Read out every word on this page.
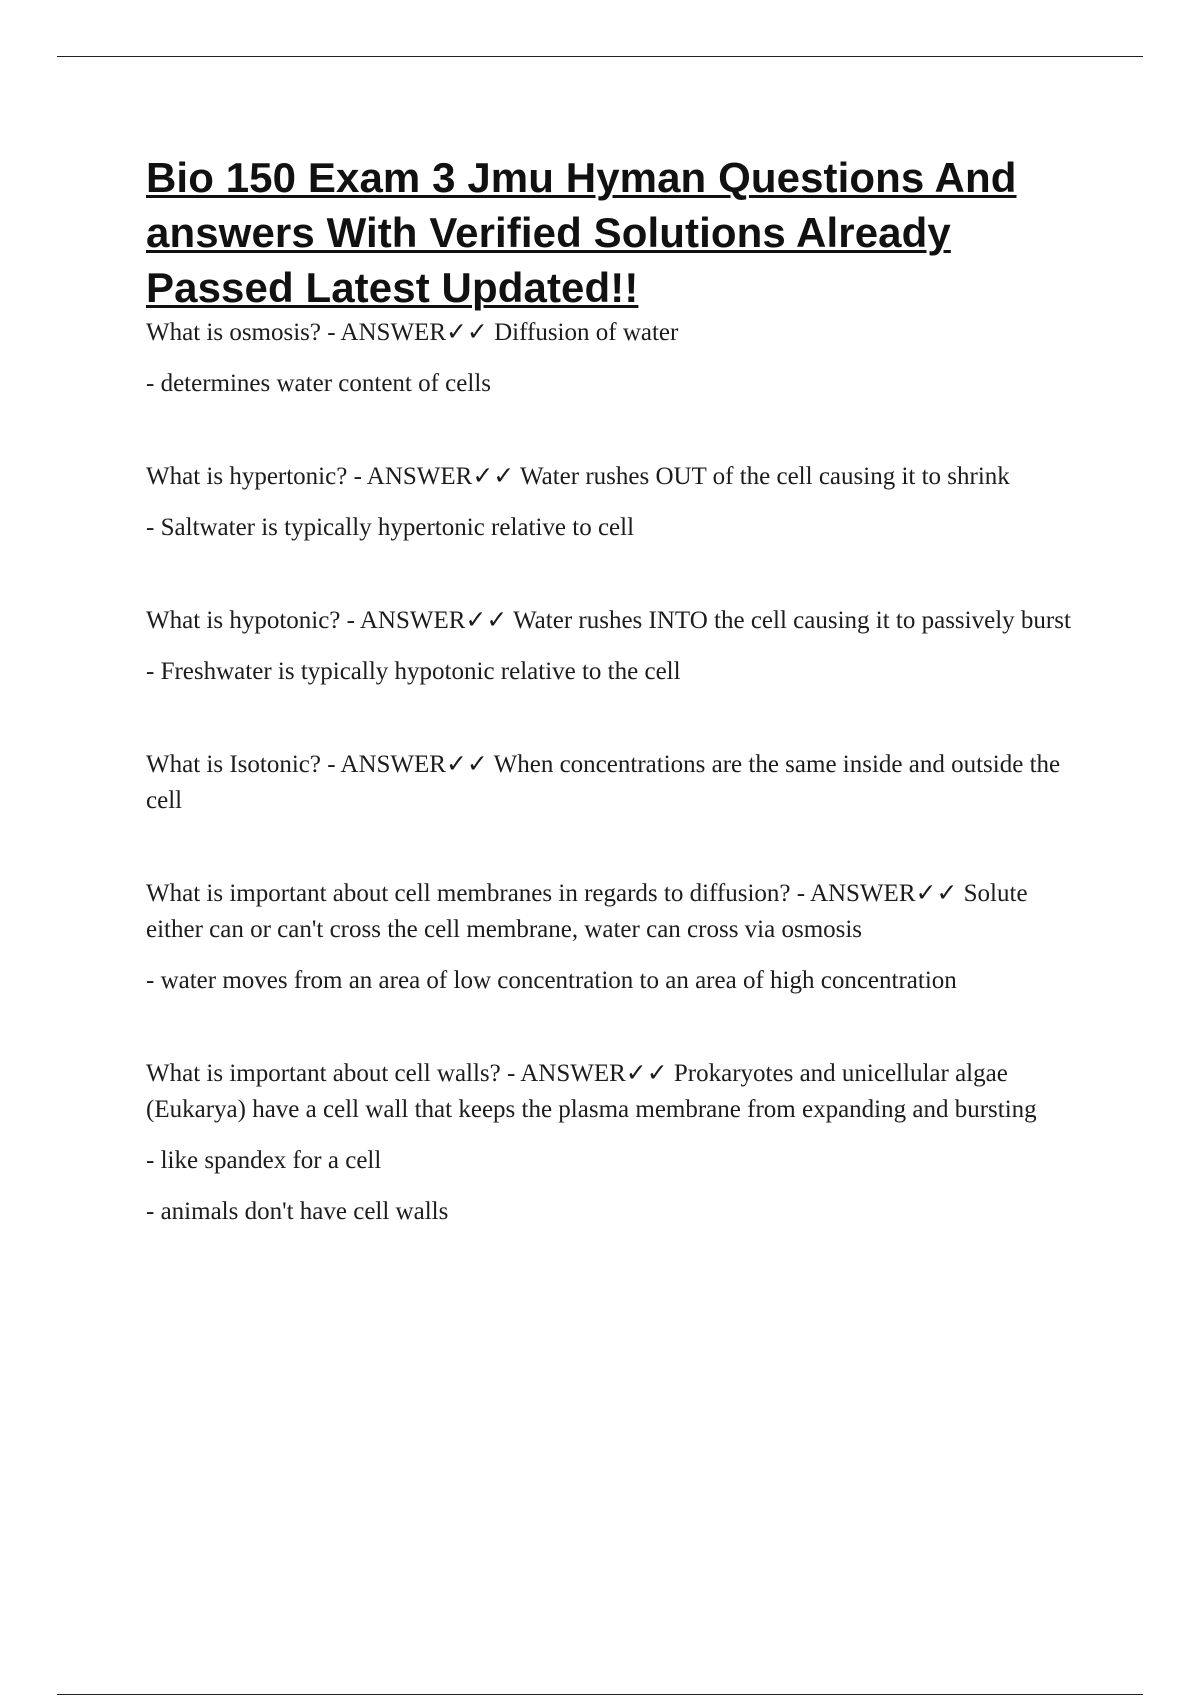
Bio 150 Exam 3 Jmu Hyman Questions And answers With Verified Solutions Already Passed Latest Updated!!

What is osmosis? - ANSWER✓✓ Diffusion of water

- determines water content of cells

What is hypertonic? - ANSWER✓✓ Water rushes OUT of the cell causing it to shrink

- Saltwater is typically hypertonic relative to cell

What is hypotonic? - ANSWER✓✓ Water rushes INTO the cell causing it to passively burst

- Freshwater is typically hypotonic relative to the cell

What is Isotonic? - ANSWER✓✓ When concentrations are the same inside and outside the cell

What is important about cell membranes in regards to diffusion? - ANSWER✓✓ Solute either can or can't cross the cell membrane, water can cross via osmosis

- water moves from an area of low concentration to an area of high concentration

What is important about cell walls? - ANSWER✓✓ Prokaryotes and unicellular algae (Eukarya) have a cell wall that keeps the plasma membrane from expanding and bursting

- like spandex for a cell

- animals don't have cell walls
